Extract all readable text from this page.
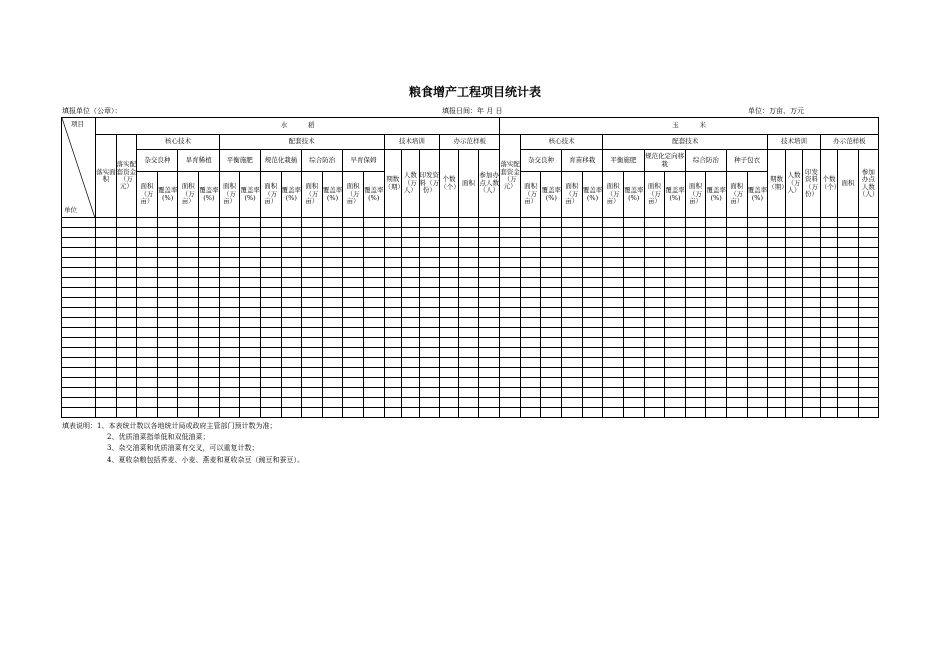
粮食增产工程项目统计表
填报单位（公章）：	填报日间：年 月 日	单位：万亩、万元
项目
单位	水          稻																				玉          米																		
	落实面积	落实配套资金（万元）	核心技术				配套技术								技术培训			办示范样板			落实配套资金（万元）	核心技术				配套技术								技术培训			办示范样板		
			杂交良种		旱育稀植		平衡施肥		规范化栽插		综合防治		早育保姆		期数（期）	人数（万人）	印发资料（万份）	个数（个）	面积	参加办点人数（人）		杂交良种		育苗移栽		平衡施肥		规范化定向移栽		综合防治		种子包衣		期数（期）	人数（万人）	印发资料（万份）	个数（个）	面积	参加办点人数（人）
			面积（万亩）	覆盖率(%)	面积（万亩）	覆盖率(%)	面积（万亩）	覆盖率(%)	面积（万亩）	覆盖率(%)	面积（万亩）	覆盖率(%)	面积（万亩）	覆盖率(%)								面积（万亩）	覆盖率(%)	面积（万亩）	覆盖率(%)	面积（万亩）	覆盖率(%)	面积（万亩）	覆盖率(%)	面积（万亩）	覆盖率(%)	面积（万亩）	覆盖率(%)						

填表说明：1、本表统计数以各地统计局或政府主管部门预计数为准；
2、优质油菜指单低和双低油菜；
3、杂交油菜和优质油菜有交叉，可以重复计数；
4、夏收杂粮包括荞麦、小麦、燕麦和夏收杂豆（豌豆和蚕豆）。
